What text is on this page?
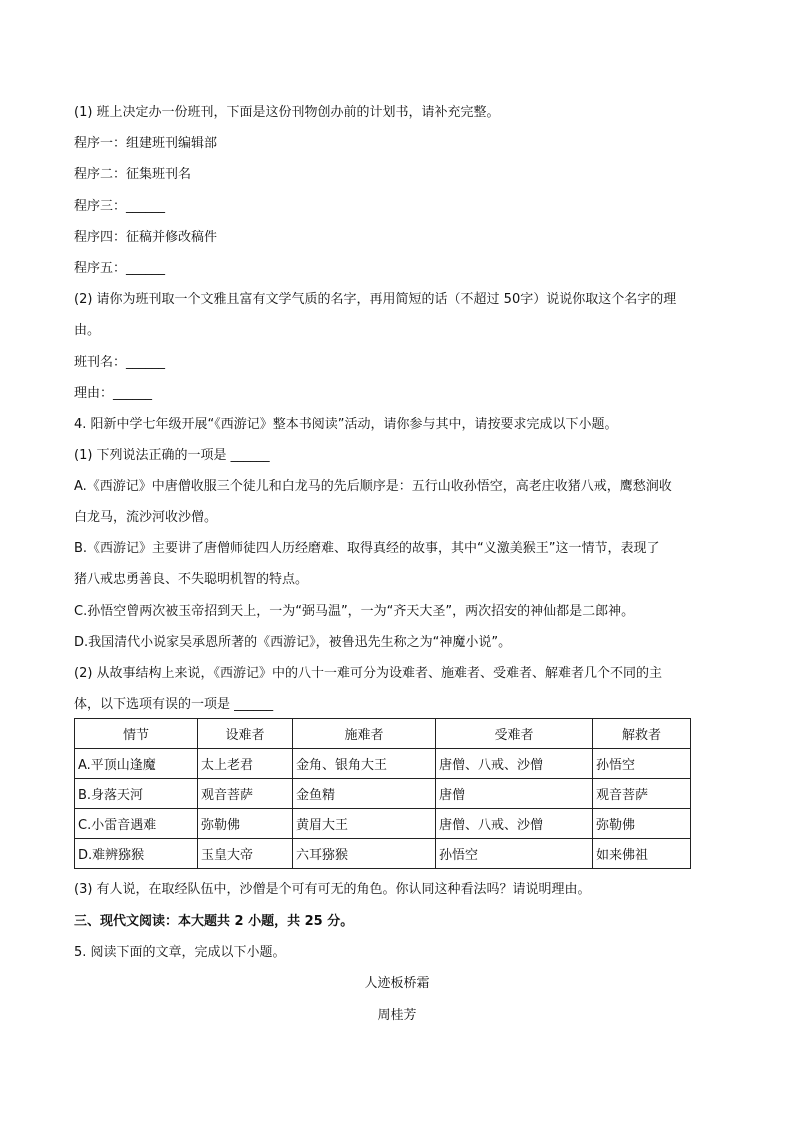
(1) 班上决定办一份班刊，下面是这份刊物创办前的计划书，请补充完整。
程序一：组建班刊编辑部
程序二：征集班刊名
程序三：______
程序四：征稿并修改稿件
程序五：______
(2) 请你为班刊取一个文雅且富有文学气质的名字，再用简短的话（不超过 50字）说说你取这个名字的理
由。
班刊名：______
理由：______
4. 阳新中学七年级开展“《西游记》整本书阅读”活动，请你参与其中，请按要求完成以下小题。
(1) 下列说法正确的一项是 ______
A.《西游记》中唐僧收服三个徒儿和白龙马的先后顺序是：五行山收孙悟空，高老庄收猪八戒，鹰愁涧收
白龙马，流沙河收沙僧。
B.《西游记》主要讲了唐僧师徒四人历经磨难、取得真经的故事，其中“义激美猴王”这一情节，表现了
猪八戒忠勇善良、不失聪明机智的特点。
C.孙悟空曾两次被玉帝招到天上，一为“弼马温”，一为“齐天大圣”，两次招安的神仙都是二郎神。
D.我国清代小说家吴承恩所著的《西游记》，被鲁迅先生称之为“神魔小说”。
(2) 从故事结构上来说，《西游记》中的八十一难可分为设难者、施难者、受难者、解难者几个不同的主
体，以下选项有误的一项是 ______
情节	设难者	施难者	受难者	解救者
A.平顶山逢魔	太上老君	金角、银角大王	唐僧、八戒、沙僧	孙悟空
B.身落天河	观音菩萨	金鱼精	唐僧	观音菩萨
C.小雷音遇难	弥勒佛	黄眉大王	唐僧、八戒、沙僧	弥勒佛
D.难辨猕猴	玉皇大帝	六耳猕猴	孙悟空	如来佛祖
(3) 有人说，在取经队伍中，沙僧是个可有可无的角色。你认同这种看法吗？请说明理由。
三、现代文阅读：本大题共 2 小题，共 25 分。
5. 阅读下面的文章，完成以下小题。
人迹板桥霜
周桂芳
